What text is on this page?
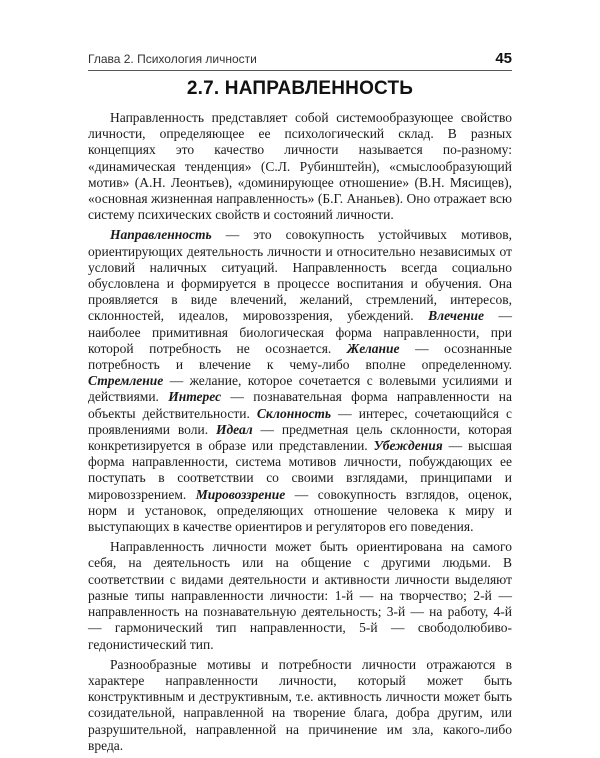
Глава 2. Психология личности	45
2.7. НАПРАВЛЕННОСТЬ

Направленность представляет собой системообразующее свойство личности, определяющее ее психологический склад. В разных концепциях это качество личности называется по-разному: «динамическая тенденция» (С.Л. Рубинштейн), «смыслообразующий мотив» (А.Н. Леонтьев), «доминирующее отношение» (В.Н. Мясищев), «основная жизненная направленность» (Б.Г. Ананьев). Оно отражает всю систему психических свойств и состояний личности.

Направленность — это совокупность устойчивых мотивов, ориентирующих деятельность личности и относительно независимых от условий наличных ситуаций. Направленность всегда социально обусловлена и формируется в процессе воспитания и обучения. Она проявляется в виде влечений, желаний, стремлений, интересов, склонностей, идеалов, мировоззрения, убеждений. Влечение — наиболее примитивная биологическая форма направленности, при которой потребность не осознается. Желание — осознанные потребность и влечение к чему-либо вполне определенному. Стремление — желание, которое сочетается с волевыми усилиями и действиями. Интерес — познавательная форма направленности на объекты действительности. Склонность — интерес, сочетающийся с проявлениями воли. Идеал — предметная цель склонности, которая конкретизируется в образе или представлении. Убеждения — высшая форма направленности, система мотивов личности, побуждающих ее поступать в соответствии со своими взглядами, принципами и мировоззрением. Мировоззрение — совокупность взглядов, оценок, норм и установок, определяющих отношение человека к миру и выступающих в качестве ориентиров и регуляторов его поведения.

Направленность личности может быть ориентирована на самого себя, на деятельность или на общение с другими людьми. В соответствии с видами деятельности и активности личности выделяют разные типы направленности личности: 1-й — на творчество; 2-й — направленность на познавательную деятельность; 3-й — на работу, 4-й — гармонический тип направленности, 5-й — свободолюбиво-гедонистический тип.

Разнообразные мотивы и потребности личности отражаются в характере направленности личности, который может быть конструктивным и деструктивным, т.е. активность личности может быть созидательной, направленной на творение блага, добра другим, или разрушительной, направленной на причинение им зла, какого-либо вреда.
